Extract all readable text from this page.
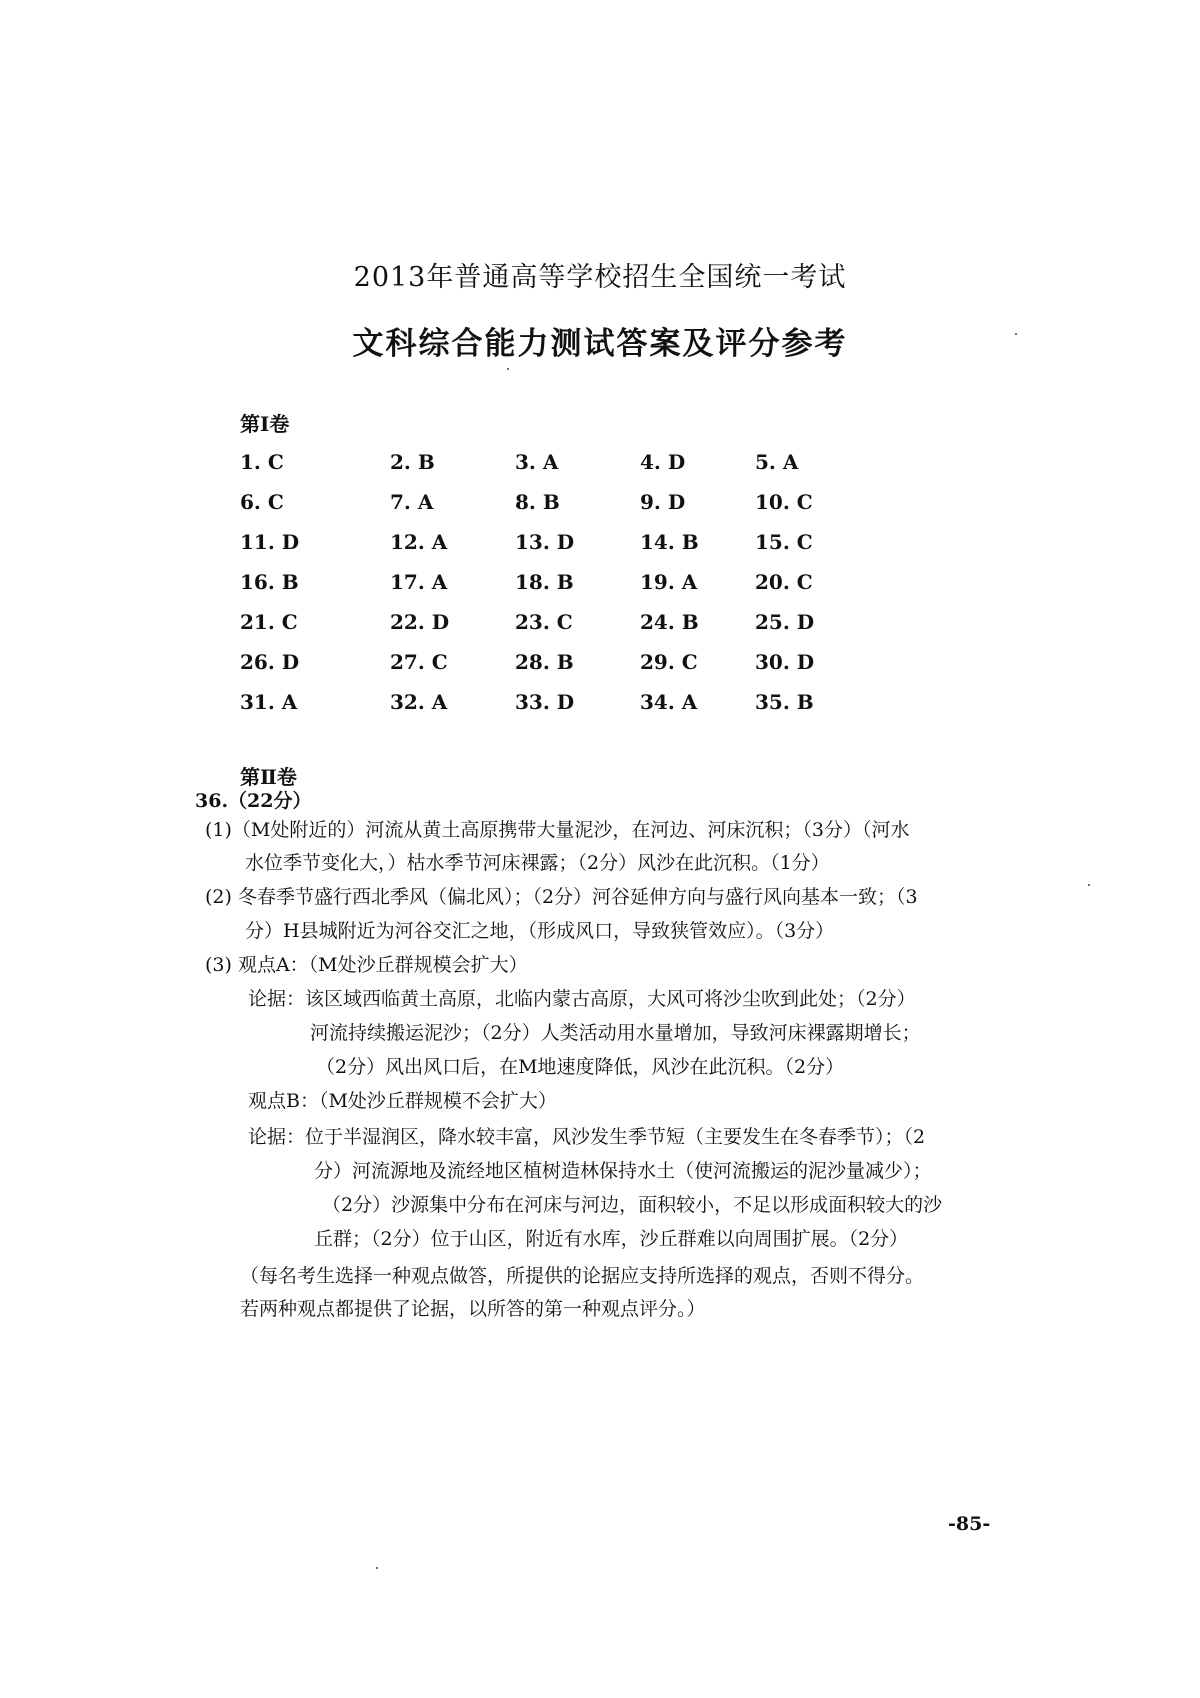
2013年普通高等学校招生全国统一考试
文科综合能力测试答案及评分参考
第Ⅰ卷
1. C	2. B	3. A	4. D	5. A
6. C	7. A	8. B	9. D	10. C
11. D	12. A	13. D	14. B	15. C
16. B	17. A	18. B	19. A	20. C
21. C	22. D	23. C	24. B	25. D
26. D	27. C	28. B	29. C	30. D
31. A	32. A	33. D	34. A	35. B
第Ⅱ卷
36.（22分）
(1)（M处附近的）河流从黄土高原携带大量泥沙，在河边、河床沉积；（3分）（河水
水位季节变化大，）枯水季节河床裸露；（2分）风沙在此沉积。（1分）
(2) 冬春季节盛行西北季风（偏北风）；（2分）河谷延伸方向与盛行风向基本一致；（3
分）H县城附近为河谷交汇之地，（形成风口，导致狭管效应）。（3分）
(3) 观点A：（M处沙丘群规模会扩大）
论据：该区域西临黄土高原，北临内蒙古高原，大风可将沙尘吹到此处；（2分）
河流持续搬运泥沙；（2分）人类活动用水量增加，导致河床裸露期增长；
（2分）风出风口后，在M地速度降低，风沙在此沉积。（2分）
观点B：（M处沙丘群规模不会扩大）
论据：位于半湿润区，降水较丰富，风沙发生季节短（主要发生在冬春季节）；（2
分）河流源地及流经地区植树造林保持水土（使河流搬运的泥沙量减少）；
（2分）沙源集中分布在河床与河边，面积较小，不足以形成面积较大的沙
丘群；（2分）位于山区，附近有水库，沙丘群难以向周围扩展。（2分）
（每名考生选择一种观点做答，所提供的论据应支持所选择的观点，否则不得分。
若两种观点都提供了论据，以所答的第一种观点评分。）
-85-
